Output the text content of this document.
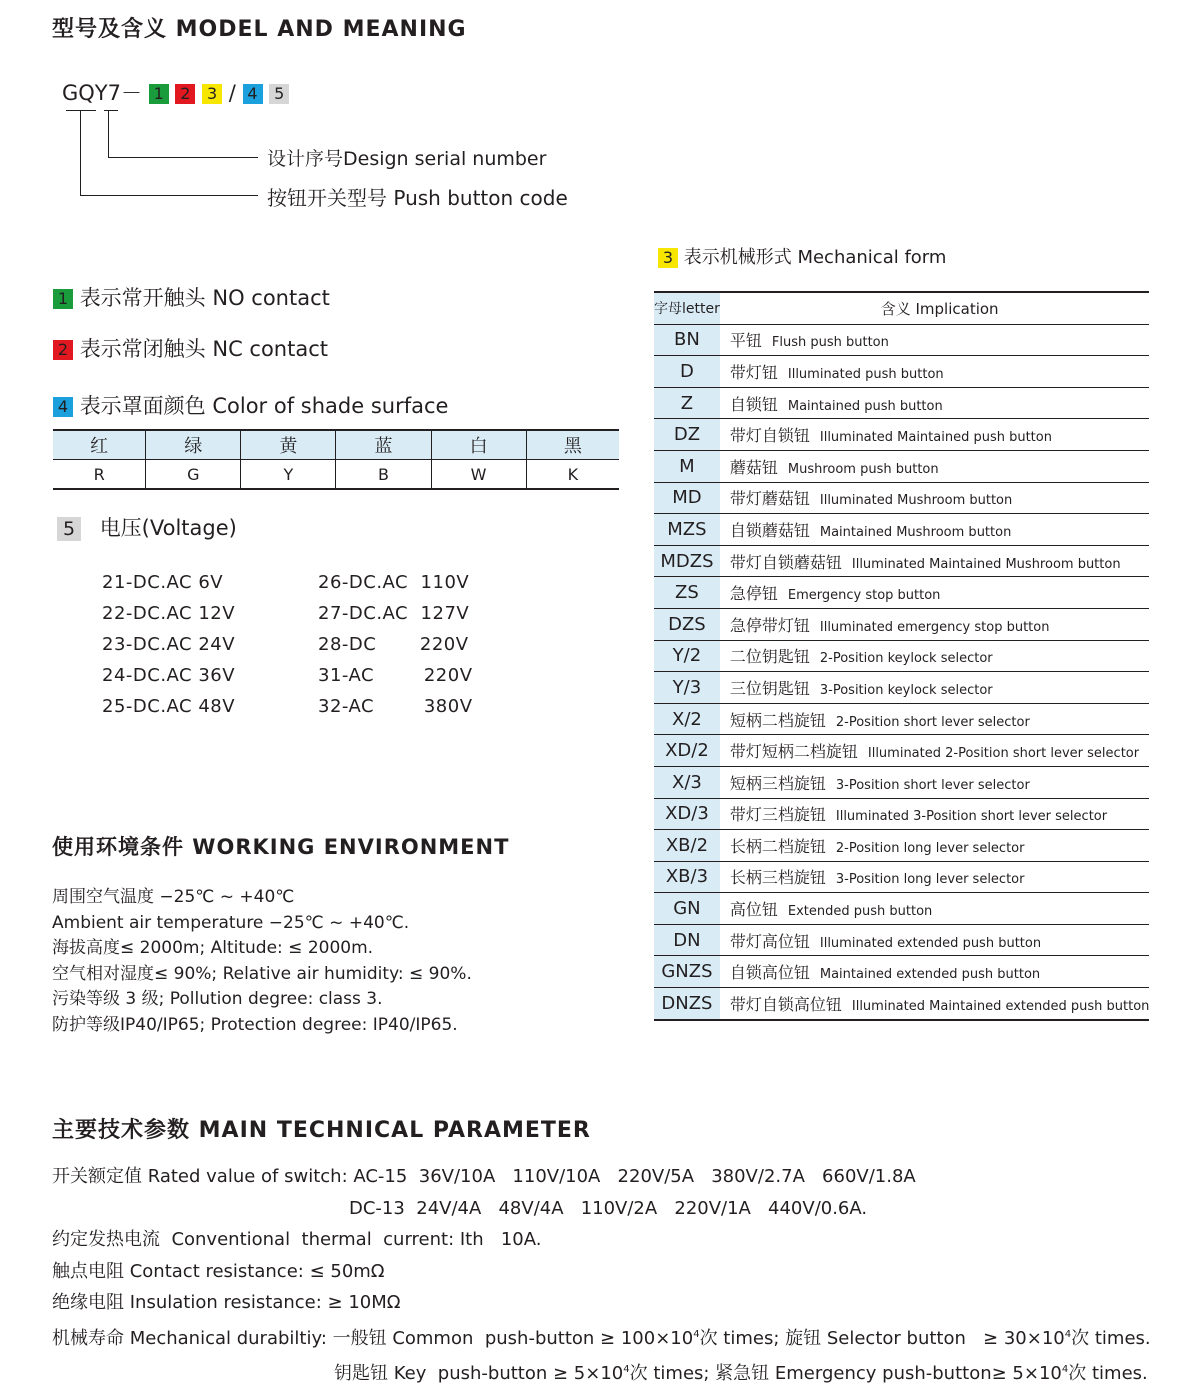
型号及含义 MODEL AND MEANING
GQY7－ 1 2 3 / 4 5
设计序号Design serial number
按钮开关型号 Push button code
1 表示常开触头 NO contact
2 表示常闭触头 NC contact
4 表示罩面颜色 Color of shade surface
3 表示机械形式 Mechanical form
红	绿	黄	蓝	白	黑
R	G	Y	B	W	K
5 电压(Voltage)
21-DC.AC 6V	26-DC.AC  110V
22-DC.AC 12V	27-DC.AC  127V
23-DC.AC 24V	28-DC       220V
24-DC.AC 36V	31-AC        220V
25-DC.AC 48V	32-AC        380V
字母letter	含义 Implication
BN	平钮 Flush push button
D	带灯钮 Illuminated push button
Z	自锁钮 Maintained push button
DZ	带灯自锁钮 Illuminated Maintained push button
M	蘑菇钮 Mushroom push button
MD	带灯蘑菇钮 Illuminated Mushroom button
MZS	自锁蘑菇钮 Maintained Mushroom button
MDZS	带灯自锁蘑菇钮 Illuminated Maintained Mushroom button
ZS	急停钮 Emergency stop button
DZS	急停带灯钮 Illuminated emergency stop button
Y/2	二位钥匙钮 2-Position keylock selector
Y/3	三位钥匙钮 3-Position keylock selector
X/2	短柄二档旋钮 2-Position short lever selector
XD/2	带灯短柄二档旋钮 Illuminated 2-Position short lever selector
X/3	短柄三档旋钮 3-Position short lever selector
XD/3	带灯三档旋钮 Illuminated 3-Position short lever selector
XB/2	长柄二档旋钮 2-Position long lever selector
XB/3	长柄三档旋钮 3-Position long lever selector
GN	高位钮 Extended push button
DN	带灯高位钮 Illuminated extended push button
GNZS	自锁高位钮 Maintained extended push button
DNZS	带灯自锁高位钮 Illuminated Maintained extended push button
使用环境条件 WORKING ENVIRONMENT
周围空气温度 −25℃ ~ +40℃
Ambient air temperature −25℃ ~ +40℃.
海拔高度≤ 2000m; Altitude: ≤ 2000m.
空气相对湿度≤ 90%; Relative air humidity: ≤ 90%.
污染等级 3 级; Pollution degree: class 3.
防护等级IP40/IP65; Protection degree: IP40/IP65.
主要技术参数 MAIN TECHNICAL PARAMETER
开关额定值 Rated value of switch: AC-15  36V/10A   110V/10A   220V/5A   380V/2.7A   660V/1.8A
DC-13  24V/4A   48V/4A   110V/2A   220V/1A   440V/0.6A.
约定发热电流  Conventional  thermal  current: Ith   10A.
触点电阻 Contact resistance: ≤ 50mΩ
绝缘电阻 Insulation resistance: ≥ 10MΩ
机械寿命 Mechanical durabiltiy: 一般钮 Common  push-button ≥ $100\times 10^4$次 times; 旋钮 Selector button   ≥ $30\times 10^4$次 times.
钥匙钮 Key  push-button ≥ $5\times 10^4$次 times; 紧急钮 Emergency push-button≥ $5\times 10^4$次 times.
